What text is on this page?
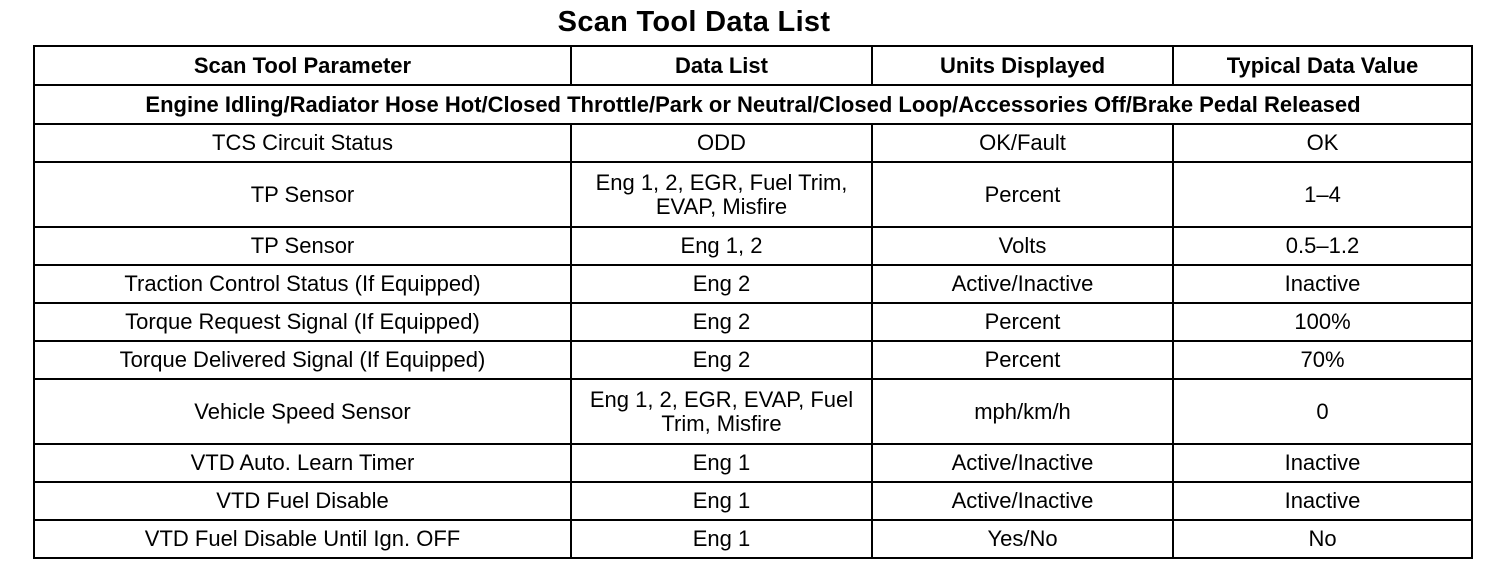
Scan Tool Data List
Scan Tool Parameter	Data List	Units Displayed	Typical Data Value
Engine Idling/Radiator Hose Hot/Closed Throttle/Park or Neutral/Closed Loop/Accessories Off/Brake Pedal Released			
TCS Circuit Status	ODD	OK/Fault	OK
TP Sensor	Eng 1, 2, EGR, Fuel Trim, EVAP, Misfire	Percent	1–4
TP Sensor	Eng 1, 2	Volts	0.5–1.2
Traction Control Status (If Equipped)	Eng 2	Active/Inactive	Inactive
Torque Request Signal (If Equipped)	Eng 2	Percent	100%
Torque Delivered Signal (If Equipped)	Eng 2	Percent	70%
Vehicle Speed Sensor	Eng 1, 2, EGR, EVAP, Fuel Trim, Misfire	mph/km/h	0
VTD Auto. Learn Timer	Eng 1	Active/Inactive	Inactive
VTD Fuel Disable	Eng 1	Active/Inactive	Inactive
VTD Fuel Disable Until Ign. OFF	Eng 1	Yes/No	No
